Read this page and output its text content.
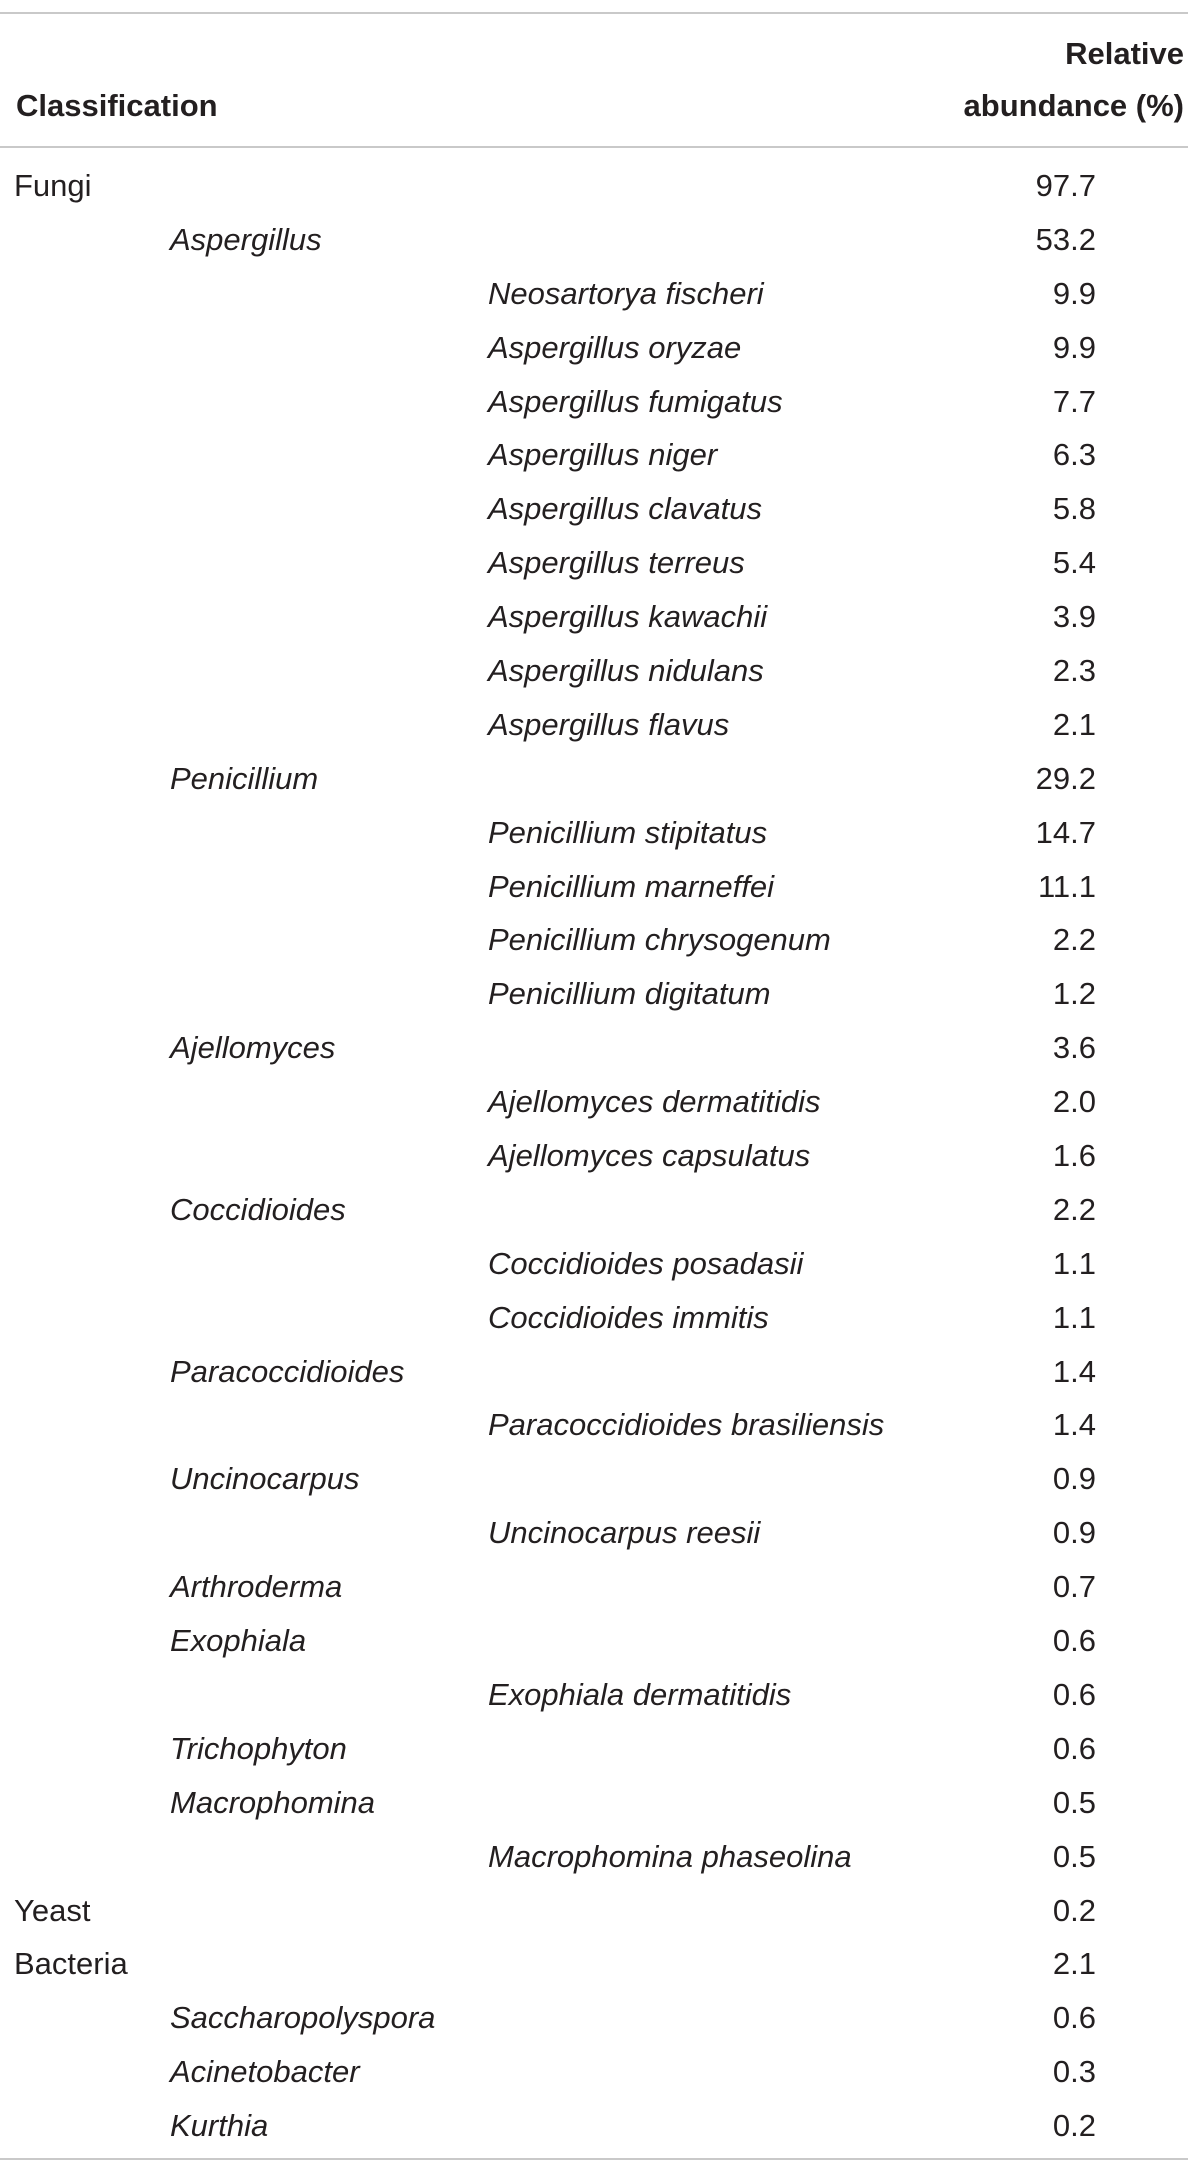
Classification
Relative
abundance (%)
Fungi	97.7
Aspergillus	53.2
Neosartorya fischeri	9.9
Aspergillus oryzae	9.9
Aspergillus fumigatus	7.7
Aspergillus niger	6.3
Aspergillus clavatus	5.8
Aspergillus terreus	5.4
Aspergillus kawachii	3.9
Aspergillus nidulans	2.3
Aspergillus flavus	2.1
Penicillium	29.2
Penicillium stipitatus	14.7
Penicillium marneffei	11.1
Penicillium chrysogenum	2.2
Penicillium digitatum	1.2
Ajellomyces	3.6
Ajellomyces dermatitidis	2.0
Ajellomyces capsulatus	1.6
Coccidioides	2.2
Coccidioides posadasii	1.1
Coccidioides immitis	1.1
Paracoccidioides	1.4
Paracoccidioides brasiliensis	1.4
Uncinocarpus	0.9
Uncinocarpus reesii	0.9
Arthroderma	0.7
Exophiala	0.6
Exophiala dermatitidis	0.6
Trichophyton	0.6
Macrophomina	0.5
Macrophomina phaseolina	0.5
Yeast	0.2
Bacteria	2.1
Saccharopolyspora	0.6
Acinetobacter	0.3
Kurthia	0.2
